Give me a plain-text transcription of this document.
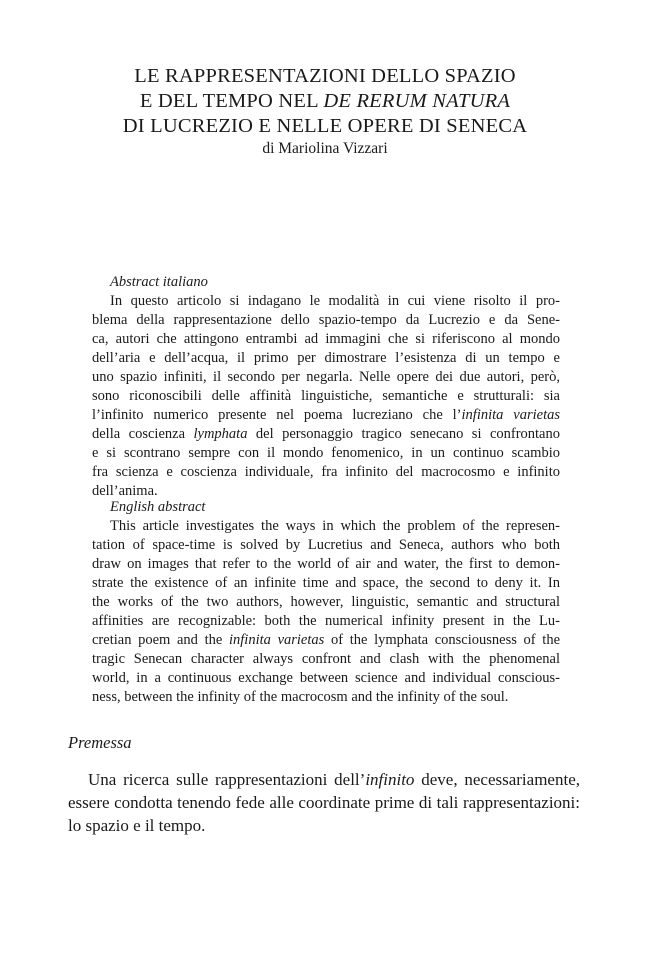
LE RAPPRESENTAZIONI DELLO SPAZIO
E DEL TEMPO NEL DE RERUM NATURA
DI LUCREZIO E NELLE OPERE DI SENECA
di Mariolina Vizzari

Abstract italiano

In questo articolo si indagano le modalità in cui viene risolto il pro-

blema della rappresentazione dello spazio-tempo da Lucrezio e da Sene-

ca, autori che attingono entrambi ad immagini che si riferiscono al mondo

dell’aria e dell’acqua, il primo per dimostrare l’esistenza di un tempo e

uno spazio infiniti, il secondo per negarla. Nelle opere dei due autori, però,

sono riconoscibili delle affinità linguistiche, semantiche e strutturali: sia

l’infinito numerico presente nel poema lucreziano che l’infinita varietas

della coscienza lymphata del personaggio tragico senecano si confrontano

e si scontrano sempre con il mondo fenomenico, in un continuo scambio

fra scienza e coscienza individuale, fra infinito del macrocosmo e infinito

dell’anima.

English abstract

This article investigates the ways in which the problem of the represen-

tation of space-time is solved by Lucretius and Seneca, authors who both

draw on images that refer to the world of air and water, the first to demon-

strate the existence of an infinite time and space, the second to deny it. In

the works of the two authors, however, linguistic, semantic and structural

affinities are recognizable: both the numerical infinity present in the Lu-

cretian poem and the infinita varietas of the lymphata consciousness of the

tragic Senecan character always confront and clash with the phenomenal

world, in a continuous exchange between science and individual conscious-

ness, between the infinity of the macrocosm and the infinity of the soul.

Premessa

Una ricerca sulle rappresentazioni dell’infinito deve, necessariamente,

essere condotta tenendo fede alle coordinate prime di tali rappresentazioni:

lo spazio e il tempo.
